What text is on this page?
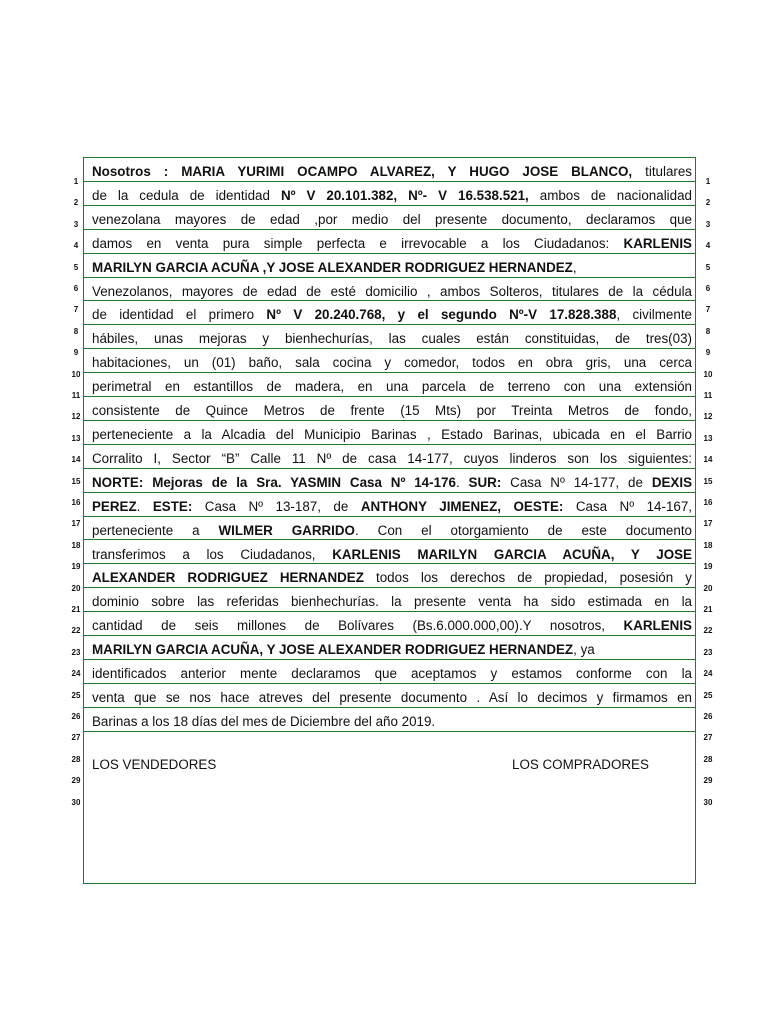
1
2
3
4
5
6
7
8
9
10
11
12
13
14
15
16
17
18
19
20
21
22
23
24
25
26
27
28
29
30
1
2
3
4
5
6
7
8
9
10
11
12
13
14
15
16
17
18
19
20
21
22
23
24
25
26
27
28
29
30

Nosotros : MARIA YURIMI OCAMPO ALVAREZ, Y HUGO JOSE BLANCO, titulares

de la cedula de identidad Nº V 20.101.382, Nº- V 16.538.521, ambos de nacionalidad

venezolana mayores de edad ,por medio del presente documento, declaramos que

damos en venta pura simple perfecta e irrevocable a los Ciudadanos: KARLENIS

MARILYN GARCIA ACUÑA ,Y JOSE ALEXANDER RODRIGUEZ HERNANDEZ,

Venezolanos, mayores de edad de esté domicilio , ambos Solteros, titulares de la cédula

de identidad el primero Nº V 20.240.768, y el segundo Nº-V 17.828.388, civilmente

hábiles, unas mejoras y bienhechurías, las cuales están constituidas, de tres(03)

habitaciones, un (01) baño, sala cocina y comedor, todos en obra gris, una cerca

perimetral en estantillos de madera, en una parcela de terreno con una extensión

consistente de Quince Metros de frente (15 Mts) por Treinta Metros de fondo,

perteneciente a la Alcadia del Municipio Barinas , Estado Barinas, ubicada en el Barrio

Corralito I, Sector “B” Calle 11 Nº de casa 14-177, cuyos linderos son los siguientes:

NORTE: Mejoras de la Sra. YASMIN Casa Nº 14-176. SUR: Casa Nº 14-177, de DEXIS

PEREZ. ESTE: Casa Nº 13-187, de ANTHONY JIMENEZ, OESTE: Casa Nº 14-167,

perteneciente a WILMER GARRIDO. Con el otorgamiento de este documento

transferimos a los Ciudadanos, KARLENIS MARILYN GARCIA ACUÑA, Y JOSE

ALEXANDER RODRIGUEZ HERNANDEZ todos los derechos de propiedad, posesión y

dominio sobre las referidas bienhechurías. la presente venta ha sido estimada en la

cantidad de seis millones de Bolívares (Bs.6.000.000,00).Y nosotros, KARLENIS

MARILYN GARCIA ACUÑA, Y JOSE ALEXANDER RODRIGUEZ HERNANDEZ, ya

identificados anterior mente declaramos que aceptamos y estamos conforme con la

venta que se nos hace atreves del presente documento . Así lo decimos y firmamos en

Barinas a los 18 días del mes de Diciembre del año 2019.

LOS VENDEDORES	LOS COMPRADORES
